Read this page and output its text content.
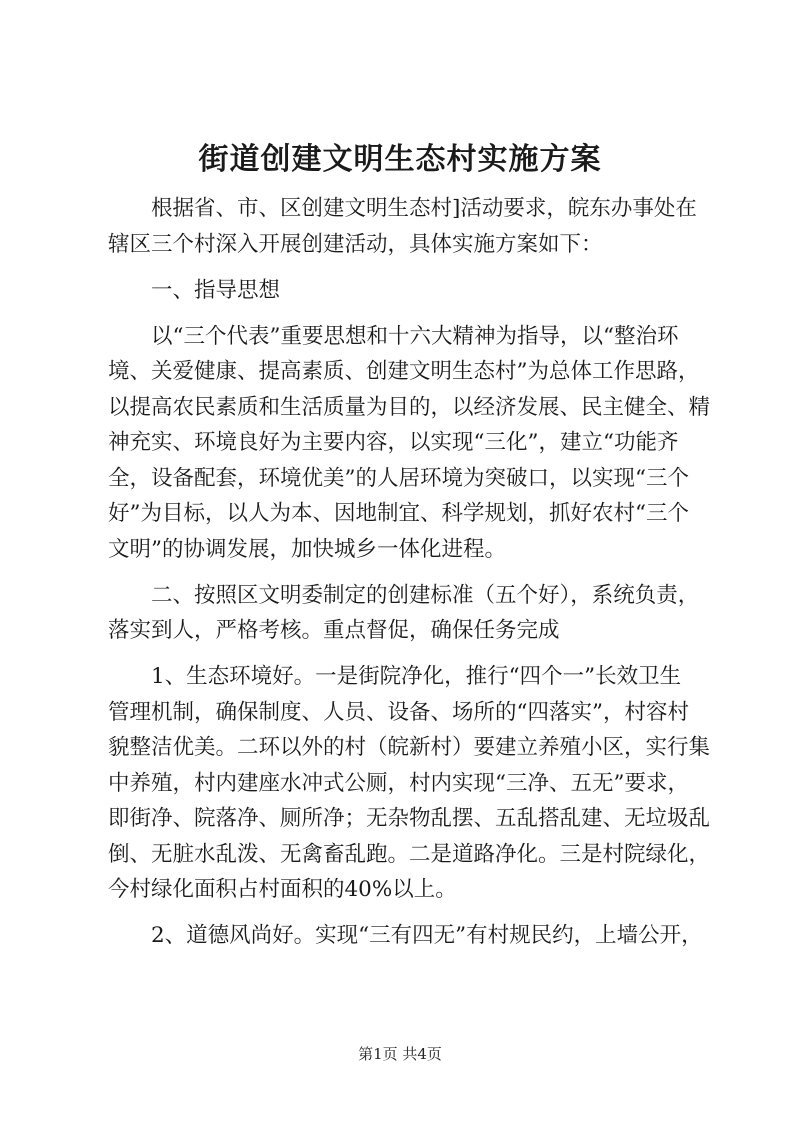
街道创建文明生态村实施方案
根据省、市、区创建文明生态村]活动要求，皖东办事处在
辖区三个村深入开展创建活动，具体实施方案如下：
一、指导思想
以“三个代表”重要思想和十六大精神为指导，以“整治环
境、关爱健康、提高素质、创建文明生态村”为总体工作思路，
以提高农民素质和生活质量为目的，以经济发展、民主健全、精
神充实、环境良好为主要内容，以实现“三化”，建立“功能齐
全，设备配套，环境优美”的人居环境为突破口，以实现“三个
好”为目标，以人为本、因地制宜、科学规划，抓好农村“三个
文明”的协调发展，加快城乡一体化进程。
二、按照区文明委制定的创建标准（五个好），系统负责，
落实到人，严格考核。重点督促，确保任务完成
1、生态环境好。一是街院净化，推行“四个一”长效卫生
管理机制，确保制度、人员、设备、场所的“四落实”，村容村
貌整洁优美。二环以外的村（皖新村）要建立养殖小区，实行集
中养殖，村内建座水冲式公厕，村内实现“三净、五无”要求，
即街净、院落净、厕所净；无杂物乱摆、五乱搭乱建、无垃圾乱
倒、无脏水乱泼、无禽畜乱跑。二是道路净化。三是村院绿化，
今村绿化面积占村面积的40%以上。
2、道德风尚好。实现“三有四无”有村规民约，上墙公开，
第1页 共4页
